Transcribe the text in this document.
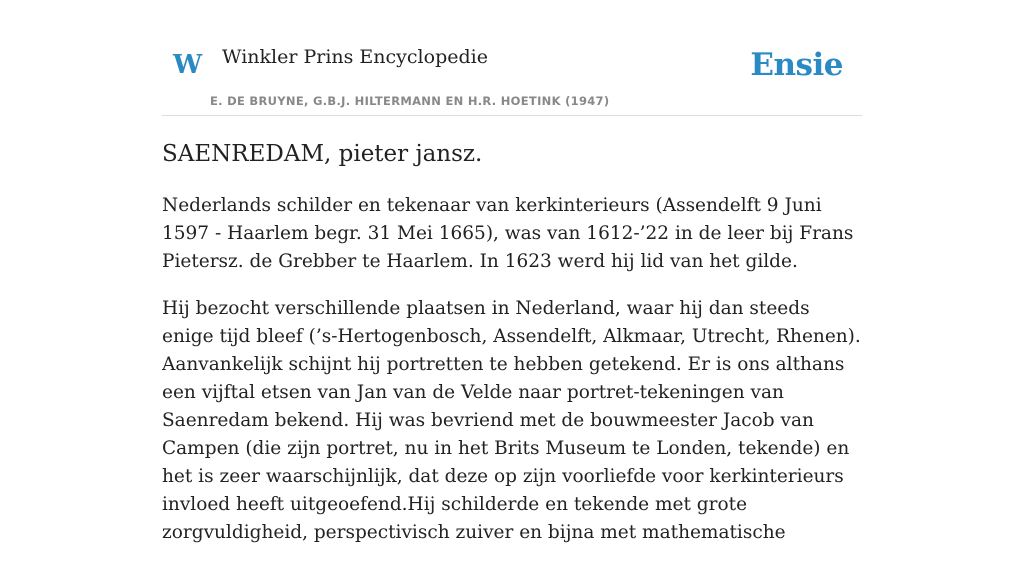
W Winkler Prins Encyclopedie
E. DE BRUYNE, G.B.J. HILTERMANN EN H.R. HOETINK (1947)
Ensie
SAENREDAM, pieter jansz.

Nederlands schilder en tekenaar van kerkinterieurs (Assendelft 9 Juni 1597 - Haarlem begr. 31 Mei 1665), was van 1612-’22 in de leer bij Frans Pietersz. de Grebber te Haarlem. In 1623 werd hij lid van het gilde.

Hij bezocht verschillende plaatsen in Nederland, waar hij dan steeds enige tijd bleef (’s-Hertogenbosch, Assendelft, Alkmaar, Utrecht, Rhenen). Aanvankelijk schijnt hij portretten te hebben getekend. Er is ons althans een vijftal etsen van Jan van de Velde naar portret-tekeningen van Saenredam bekend. Hij was bevriend met de bouwmeester Jacob van Campen (die zijn portret, nu in het Brits Museum te Londen, tekende) en het is zeer waarschijnlijk, dat deze op zijn voorliefde voor kerkinterieurs invloed heeft uitgeoefend.Hij schilderde en tekende met grote zorgvuldigheid, perspectivisch zuiver en bijna met mathematische
